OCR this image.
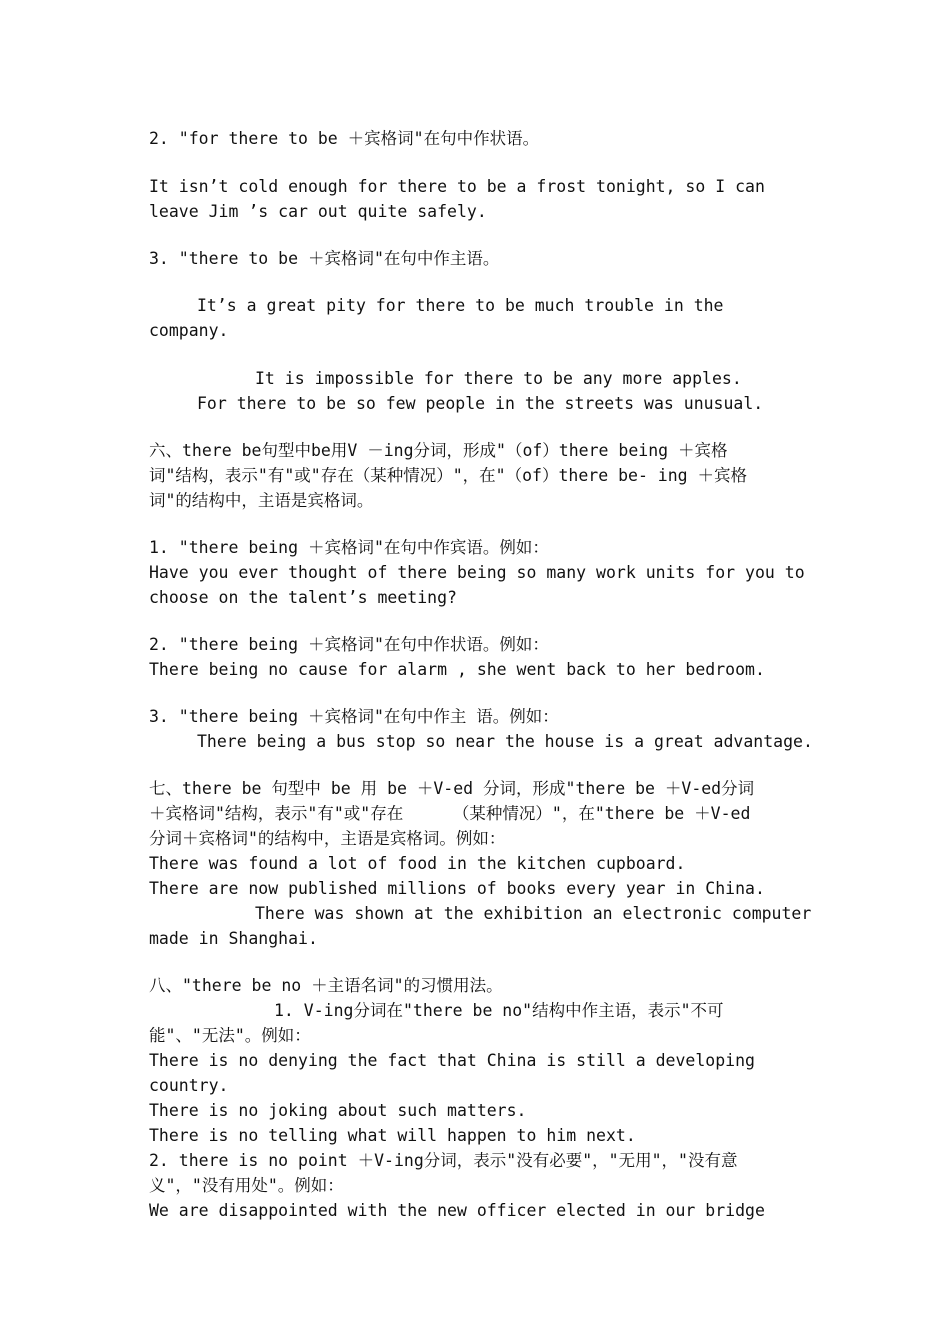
2. "for there to be ＋宾格词"在句中作状语。
It isn’t cold enough for there to be a frost tonight, so I can
leave Jim ’s car out quite safely.
3. "there to be ＋宾格词"在句中作主语。
It’s a great pity for there to be much trouble in the
company.
It is impossible for there to be any more apples.
For there to be so few people in the streets was unusual.
六、there be句型中be用V －ing分词，形成"（of）there being ＋宾格
词"结构，表示"有"或"存在（某种情况）"，在"（of）there be- ing ＋宾格
词"的结构中，主语是宾格词。
1. "there being ＋宾格词"在句中作宾语。例如：
Have you ever thought of there being so many work units for you to
choose on the talent’s meeting?
2. "there being ＋宾格词"在句中作状语。例如：
There being no cause for alarm , she went back to her bedroom.
3. "there being ＋宾格词"在句中作主 语。例如：
There being a bus stop so near the house is a great advantage.
七、there be 句型中 be 用 be ＋V-ed 分词，形成"there be ＋V-ed分词
＋宾格词"结构，表示"有"或"存在     （某种情况）"，在"there be ＋V-ed
分词＋宾格词"的结构中，主语是宾格词。例如：
There was found a lot of food in the kitchen cupboard.
There are now published millions of books every year in China.
There was shown at the exhibition an electronic computer
made in Shanghai.
八、"there be no ＋主语名词"的习惯用法。
1. V-ing分词在"there be no"结构中作主语，表示"不可
能"、"无法"。例如：
There is no denying the fact that China is still a developing
country.
There is no joking about such matters.
There is no telling what will happen to him next.
2. there is no point ＋V-ing分词，表示"没有必要"，"无用"，"没有意
义"，"没有用处"。例如：
We are disappointed with the new officer elected in our bridge
